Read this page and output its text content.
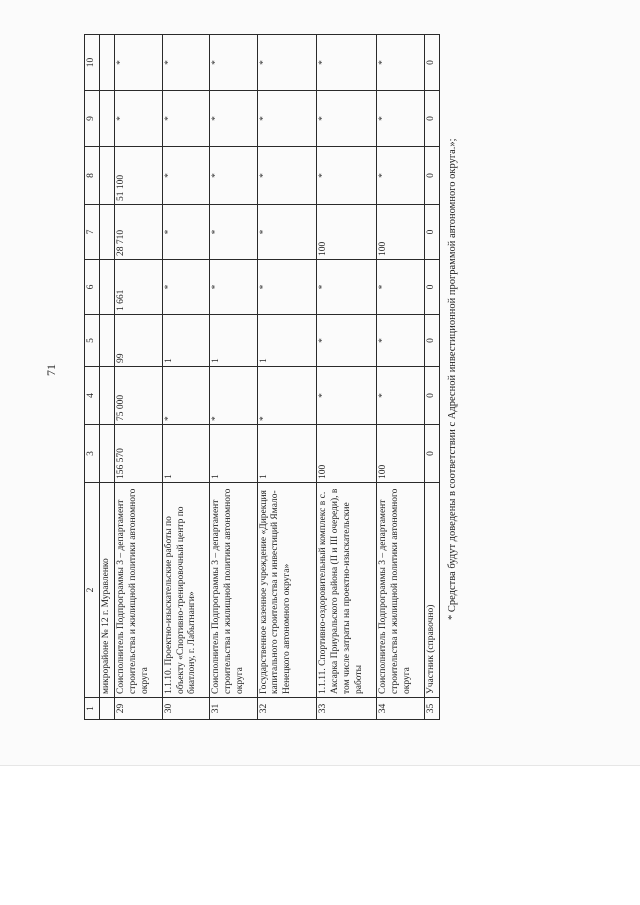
71
1	2	3	4	5	6	7	8	9	10
	микрорайоне № 12 г. Муравленко								
29	Соисполнитель Подпрограммы 3 – департамент строительства и жилищной политики автономного округа	156 570	75 000	99	1 661	28 710	51 100	*	*
30	1.1.10. Проектно-изыскательские работы по объекту «Спортивно-тренировочный центр по биатлону, г. Лабытнанги»	1	*	1	*	*	*	*	*
31	Соисполнитель Подпрограммы 3 – департамент строительства и жилищной политики автономного округа	1	*	1	*	*	*	*	*
32	Государственное казенное учреждение «Дирекция капитального строительства и инвестиций Ямало-Ненецкого автономного округа»	1	*	1	*	*	*	*	*
33	1.1.11. Спортивно-оздоровительный комплекс в с. Аксарка Приуральского района (II и III очереди), в том числе затраты на проектно-изыскательские работы	100	*	*	*	100	*	*	*
34	Соисполнитель Подпрограммы 3 – департамент строительства и жилищной политики автономного округа	100	*	*	*	100	*	*	*
35	Участник (справочно)	0	0	0	0	0	0	0	0
* Средства будут доведены в соответствии с Адресной инвестиционной программой автономного округа.»;
